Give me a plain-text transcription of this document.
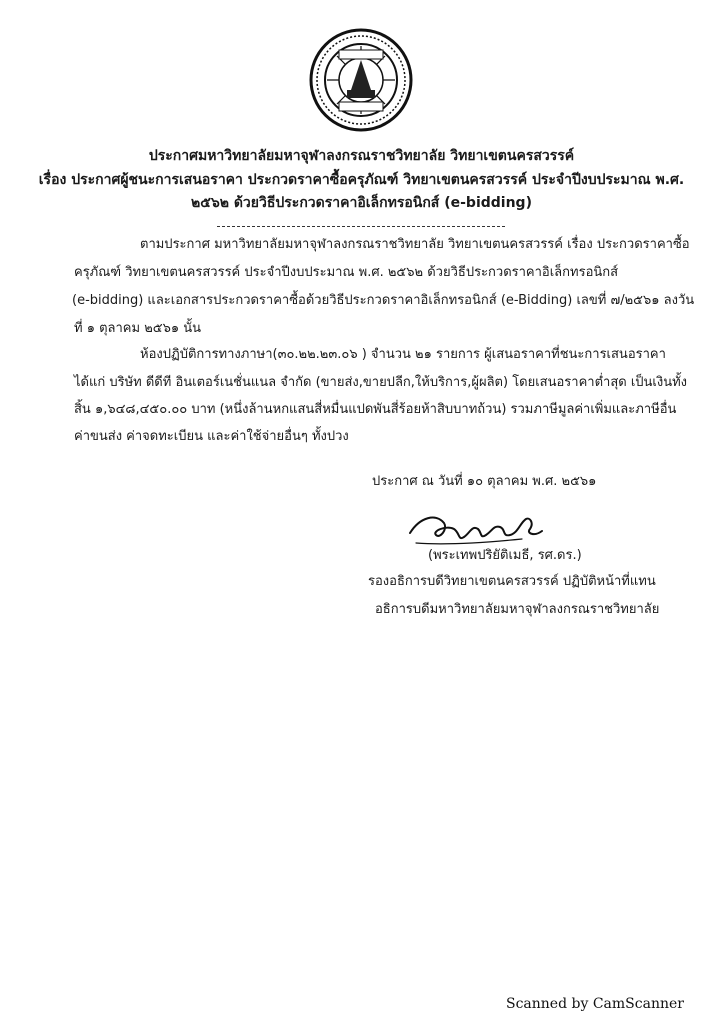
ประกาศมหาวิทยาลัยมหาจุฬาลงกรณราชวิทยาลัย วิทยาเขตนครสวรรค์
เรื่อง ประกาศผู้ชนะการเสนอราคา ประกวดราคาซื้อครุภัณฑ์ วิทยาเขตนครสวรรค์ ประจำปีงบประมาณ พ.ศ.
๒๕๖๒ ด้วยวิธีประกวดราคาอิเล็กทรอนิกส์ (e-bidding)
ตามประกาศ มหาวิทยาลัยมหาจุฬาลงกรณราชวิทยาลัย วิทยาเขตนครสวรรค์ เรื่อง ประกวดราคาซื้อ
ครุภัณฑ์ วิทยาเขตนครสวรรค์ ประจำปีงบประมาณ พ.ศ. ๒๕๖๒ ด้วยวิธีประกวดราคาอิเล็กทรอนิกส์
(e-bidding) และเอกสารประกวดราคาซื้อด้วยวิธีประกวดราคาอิเล็กทรอนิกส์ (e-Bidding) เลขที่ ๗/๒๕๖๑ ลงวัน
ที่ ๑ ตุลาคม ๒๕๖๑ นั้น
ห้องปฏิบัติการทางภาษา(๓๐.๒๒.๒๓.๐๖ ) จำนวน ๒๑ รายการ ผู้เสนอราคาที่ชนะการเสนอราคา
ได้แก่ บริษัท ดีดีที อินเตอร์เนชั่นแนล จำกัด (ขายส่ง,ขายปลีก,ให้บริการ,ผู้ผลิต) โดยเสนอราคาต่ำสุด เป็นเงินทั้ง
สิ้น ๑,๖๔๘,๔๕๐.๐๐ บาท (หนึ่งล้านหกแสนสี่หมื่นแปดพันสี่ร้อยห้าสิบบาทถ้วน) รวมภาษีมูลค่าเพิ่มและภาษีอื่น
ค่าขนส่ง ค่าจดทะเบียน และค่าใช้จ่ายอื่นๆ ทั้งปวง
ประกาศ ณ วันที่ ๑๐ ตุลาคม พ.ศ. ๒๕๖๑
(พระเทพปริยัติเมธี, รศ.ดร.)
รองอธิการบดีวิทยาเขตนครสวรรค์ ปฏิบัติหน้าที่แทน
อธิการบดีมหาวิทยาลัยมหาจุฬาลงกรณราชวิทยาลัย
Scanned by CamScanner
